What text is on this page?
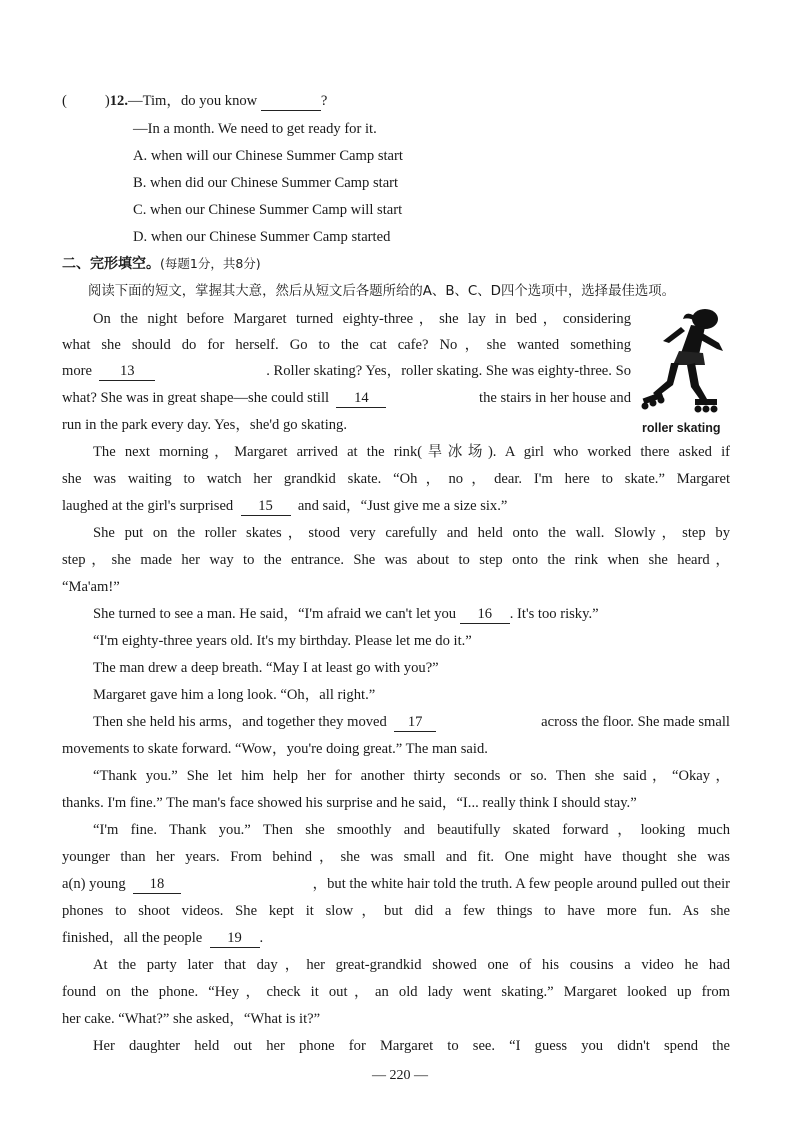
(	)12.—Tim，do you know	?
—In a month. We need to get ready for it.
A. when will our Chinese Summer Camp start
B. when did our Chinese Summer Camp start
C. when our Chinese Summer Camp will start
D. when our Chinese Summer Camp started
二、完形填空。(每题1分，共8分)
阅读下面的短文，掌握其大意，然后从短文后各题所给的A、B、C、D四个选项中，选择最佳选项。
roller skating
On the night before Margaret turned eighty-three，she lay in bed，considering
what she should do for herself. Go to the cat cafe? No，she wanted something
more 13	. Roller skating? Yes，roller skating. She was eighty-three. So
what? She was in great shape—she could still 14	the stairs in her house and
run in the park every day. Yes，she'd go skating.
The next morning，Margaret arrived at the rink(旱冰场). A girl who worked there asked if
she was waiting to watch her grandkid skate. “Oh，no，dear. I'm here to skate.” Margaret
laughed at the girl's surprised 15 and said，“Just give me a size six.”
She put on the roller skates，stood very carefully and held onto the wall. Slowly，step by
step，she made her way to the entrance. She was about to step onto the rink when she heard，
“Ma'am!”
She turned to see a man. He said，“I'm afraid we can't let you 16 . It's too risky.”
“I'm eighty-three years old. It's my birthday. Please let me do it.”
The man drew a deep breath. “May I at least go with you?”
Margaret gave him a long look. “Oh，all right.”
Then she held his arms，and together they moved 17	across the floor. She made small
movements to skate forward. “Wow，you're doing great.” The man said.
“Thank you.” She let him help her for another thirty seconds or so. Then she said，“Okay，
thanks. I'm fine.” The man's face showed his surprise and he said，“I... really think I should stay.”
“I'm fine. Thank you.” Then she smoothly and beautifully skated forward，looking much
younger than her years. From behind，she was small and fit. One might have thought she was
a(n) young 18	，but the white hair told the truth. A few people around pulled out their
phones to shoot videos. She kept it slow，but did a few things to have more fun. As she
finished，all the people 19 .
At the party later that day，her great-grandkid showed one of his cousins a video he had
found on the phone. “Hey，check it out，an old lady went skating.” Margaret looked up from
her cake. “What?” she asked，“What is it?”
Her daughter held out her phone for Margaret to see. “I guess you didn't spend the
— 220 —
